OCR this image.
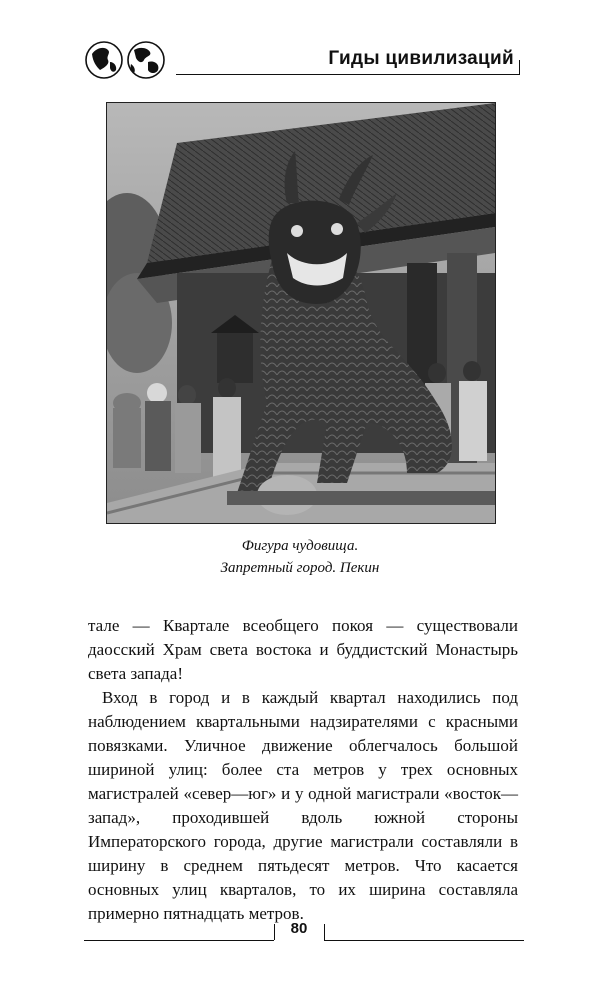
Гиды цивилизаций
Фигура чудовища.
Запретный город. Пекин

тале — Квартале всеобщего покоя — существовали даосский Храм света востока и буддистский Монастырь света запада!

Вход в город и в каждый квартал находились под наблюдением квартальными надзирателями с красными повязками. Уличное движение облегчалось большой шириной улиц: более ста метров у трех основных магистралей «север—юг» и у одной магистрали «восток—запад», проходившей вдоль южной стороны Императорского города, другие магистрали составляли в ширину в среднем пятьдесят метров. Что касается основных улиц кварталов, то их ширина составляла примерно пятнадцать метров.

80
